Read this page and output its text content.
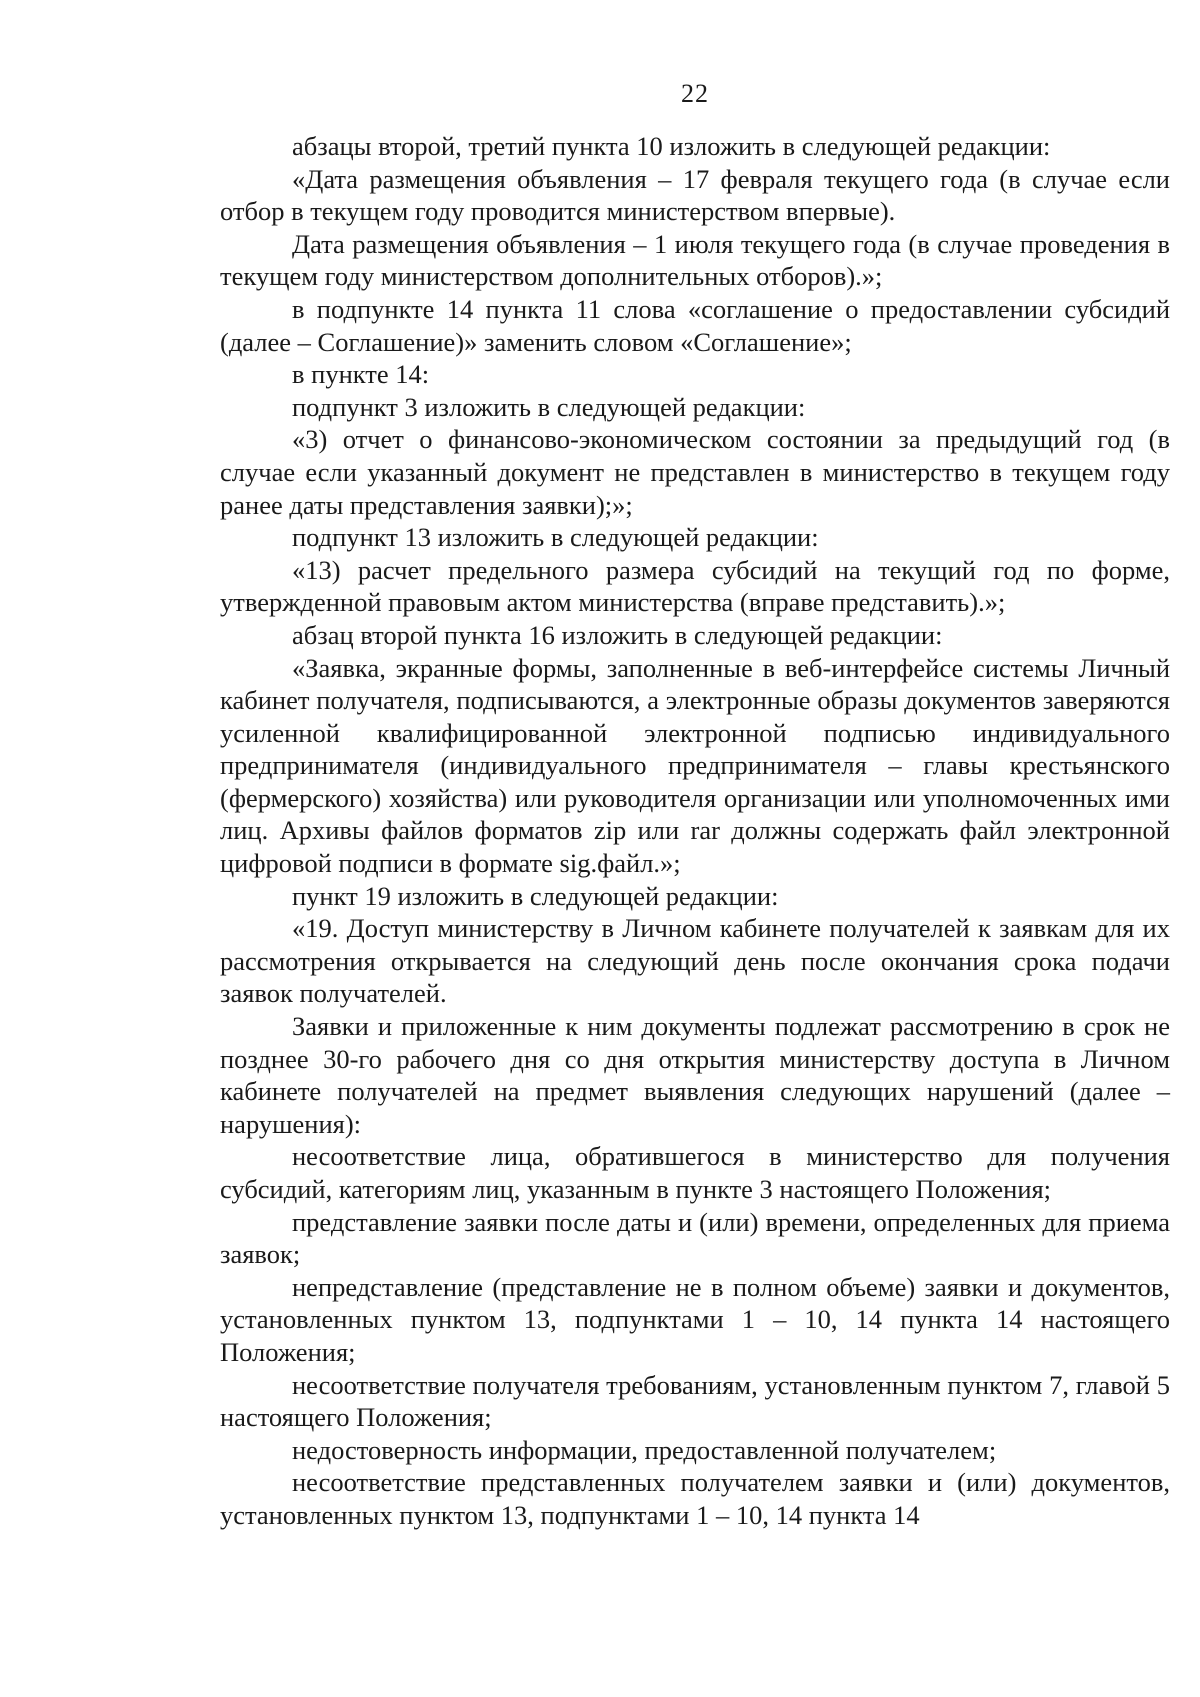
22

абзацы второй, третий пункта 10 изложить в следующей редакции:

«Дата размещения объявления – 17 февраля текущего года (в случае если отбор в текущем году проводится министерством впервые).

Дата размещения объявления – 1 июля текущего года (в случае проведения в текущем году министерством дополнительных отборов).»;

в подпункте 14 пункта 11 слова «соглашение о предоставлении субсидий (далее – Соглашение)» заменить словом «Соглашение»;

в пункте 14:

подпункт 3 изложить в следующей редакции:

«3) отчет о финансово-экономическом состоянии за предыдущий год (в случае если указанный документ не представлен в министерство в текущем году ранее даты представления заявки);»;

подпункт 13 изложить в следующей редакции:

«13) расчет предельного размера субсидий на текущий год по форме, утвержденной правовым актом министерства (вправе представить).»;

абзац второй пункта 16 изложить в следующей редакции:

«Заявка, экранные формы, заполненные в веб-интерфейсе системы Личный кабинет получателя, подписываются, а электронные образы документов заверяются усиленной квалифицированной электронной подписью индивидуального предпринимателя (индивидуального предпринимателя – главы крестьянского (фермерского) хозяйства) или руководителя организации или уполномоченных ими лиц. Архивы файлов форматов zip или rar должны содержать файл электронной цифровой подписи в формате sig.файл.»;

пункт 19 изложить в следующей редакции:

«19. Доступ министерству в Личном кабинете получателей к заявкам для их рассмотрения открывается на следующий день после окончания срока подачи заявок получателей.

Заявки и приложенные к ним документы подлежат рассмотрению в срок не позднее 30-го рабочего дня со дня открытия министерству доступа в Личном кабинете получателей на предмет выявления следующих нарушений (далее – нарушения):

несоответствие лица, обратившегося в министерство для получения субсидий, категориям лиц, указанным в пункте 3 настоящего Положения;

представление заявки после даты и (или) времени, определенных для приема заявок;

непредставление (представление не в полном объеме) заявки и документов, установленных пунктом 13, подпунктами 1 – 10, 14 пункта 14 настоящего Положения;

несоответствие получателя требованиям, установленным пунктом 7, главой 5 настоящего Положения;

недостоверность информации, предоставленной получателем;

несоответствие представленных получателем заявки и (или) документов, установленных пунктом 13, подпунктами 1 – 10, 14 пункта 14
